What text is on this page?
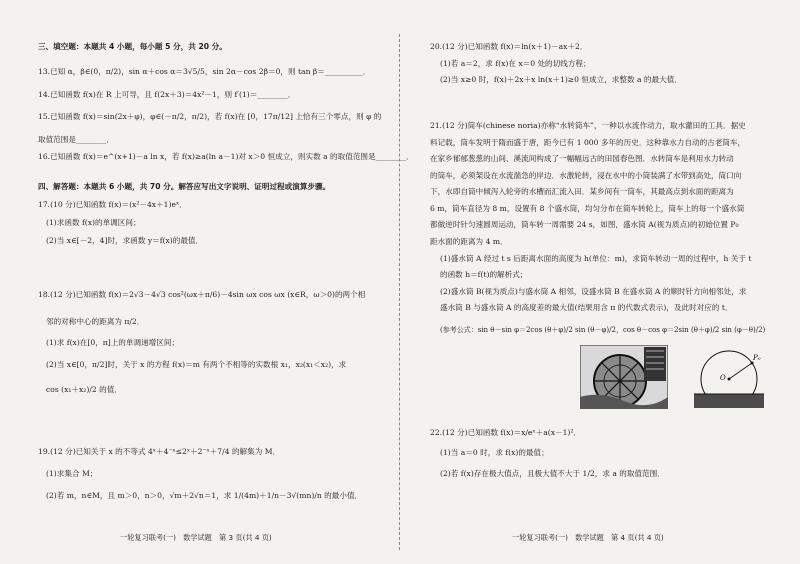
三、填空题：本题共 4 小题，每小题 5 分，共 20 分。
13.已知 α，β∈(0，π/2)，sin α＋cos α＝3√5/5，sin 2α－cos 2β＝0，则 tan β＝__________．
14.已知函数 f(x)在 R 上可导，且 f(2x＋3)＝4x²－1，则 f′(1)＝________．
15.已知函数 f(x)＝sin(2x＋φ)，φ∈(－π/2，π/2)，若 f(x)在 [0，17π/12] 上恰有三个零点，则 φ 的
取值范围是________．
16.已知函数 f(x)＝e^(x+1)－a ln x，若 f(x)≥a(ln a－1)对 x＞0 恒成立，则实数 a 的取值范围是________．
四、解答题：本题共 6 小题，共 70 分。解答应写出文字说明、证明过程或演算步骤。
17.(10 分)已知函数 f(x)＝(x²－4x＋1)eˣ．
(1)求函数 f(x)的单调区间；
(2)当 x∈[－2，4]时，求函数 y＝f(x)的最值．
18.(12 分)已知函数 f(x)＝2√3－4√3 cos²(ωx＋π/6)－4sin ωx cos ωx (x∈R，ω＞0)的两个相
邻的对称中心的距离为 π/2．
(1)求 f(x)在[0，π]上的单调递增区间；
(2)当 x∈[0，π/2]时，关于 x 的方程 f(x)＝m 有两个不相等的实数根 x₁，x₂(x₁＜x₂)，求
cos (x₁＋x₂)/2 的值．
19.(12 分)已知关于 x 的不等式 4ˣ＋4⁻ˣ≤2ˣ＋2⁻ˣ＋7/4 的解集为 M．
(1)求集合 M；
(2)若 m，n∈M，且 m＞0，n＞0，√m＋2√n＝1，求 1/(4m)＋1/n－3√(mn)/n 的最小值．
一轮复习联考(一)　数学试题　第 3 页(共 4 页)
20.(12 分)已知函数 f(x)＝ln(x＋1)－ax＋2．
(1)若 a＝2，求 f(x)在 x＝0 处的切线方程；
(2)当 x≥0 时，f(x)＋2x＋x ln(x＋1)≥0 恒成立，求整数 a 的最大值．
21.(12 分)筒车(chinese noria)亦称“水转筒车”，一种以水流作动力，取水灌田的工具．据史
料记载，筒车发明于隋而盛于唐，距今已有 1 000 多年的历史．这种靠水力自动的古老筒车，
在家乡郁郁葱葱的山间、溪流间构成了一幅幅远古的田园春色图．水转筒车是利用水力转动
的筒车，必须架设在水流湍急的岸边．水激轮转，浸在水中的小筒装满了水带到高处，筒口向
下，水即自筒中倾泻入轮旁的水槽而汇流入田．某乡间有一筒车，其最高点到水面的距离为
6 m，筒车直径为 8 m，设置有 8 个盛水筒，均匀分布在筒车转轮上，筒车上的每一个盛水筒
都做逆时针匀速圆周运动，筒车转一周需要 24 s，如图，盛水筒 A(视为质点)的初始位置 P₀
距水面的距离为 4 m．
(1)盛水筒 A 经过 t s 后距离水面的高度为 h(单位：m)，求筒车转动一周的过程中，h 关于 t
的函数 h＝f(t)的解析式；
(2)盛水筒 B(视为质点)与盛水筒 A 相邻，设盛水筒 B 在盛水筒 A 的顺时针方向相邻处，求
盛水筒 B 与盛水筒 A 的高度差的最大值(结果用含 π 的代数式表示)，及此时对应的 t．
(参考公式：sin θ－sin φ＝2cos (θ＋φ)/2 sin (θ－φ)/2，cos θ－cos φ＝2sin (θ＋φ)/2 sin (φ－θ)/2)
P₀
O
22.(12 分)已知函数 f(x)＝x/eˣ＋a(x－1)²．
(1)当 a＝0 时，求 f(x)的最值；
(2)若 f(x)存在极大值点，且极大值不大于 1/2，求 a 的取值范围．
一轮复习联考(一)　数学试题　第 4 页(共 4 页)
